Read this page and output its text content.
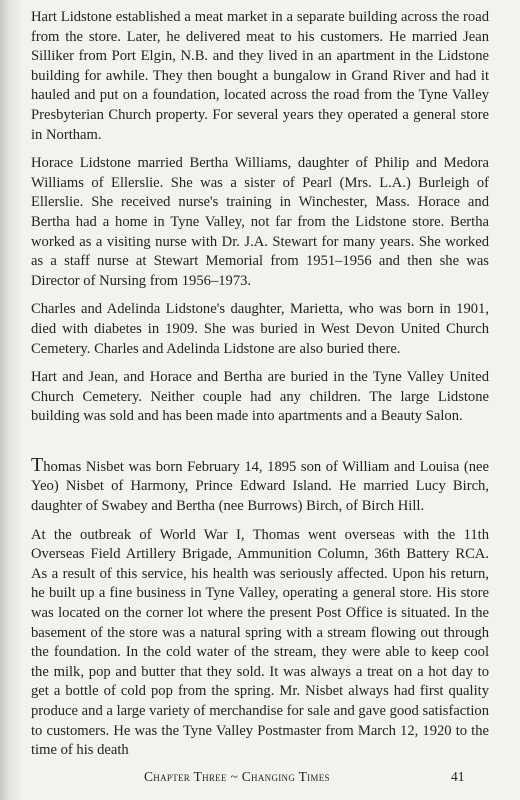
Hart Lidstone established a meat market in a separate building across the road from the store. Later, he delivered meat to his customers. He married Jean Silliker from Port Elgin, N.B. and they lived in an apartment in the Lidstone building for awhile. They then bought a bungalow in Grand River and had it hauled and put on a foundation, located across the road from the Tyne Valley Presbyterian Church property. For several years they operated a general store in Northam.

Horace Lidstone married Bertha Williams, daughter of Philip and Medora Williams of Ellerslie. She was a sister of Pearl (Mrs. L.A.) Burleigh of Ellerslie. She received nurse's training in Winchester, Mass. Horace and Bertha had a home in Tyne Valley, not far from the Lidstone store. Bertha worked as a visiting nurse with Dr. J.A. Stewart for many years. She worked as a staff nurse at Stewart Memorial from 1951–1956 and then she was Director of Nursing from 1956–1973.

Charles and Adelinda Lidstone's daughter, Marietta, who was born in 1901, died with diabetes in 1909. She was buried in West Devon United Church Cemetery. Charles and Adelinda Lidstone are also buried there.

Hart and Jean, and Horace and Bertha are buried in the Tyne Valley United Church Cemetery. Neither couple had any children. The large Lidstone building was sold and has been made into apartments and a Beauty Salon.

Thomas Nisbet was born February 14, 1895 son of William and Louisa (nee Yeo) Nisbet of Harmony, Prince Edward Island. He married Lucy Birch, daughter of Swabey and Bertha (nee Burrows) Birch, of Birch Hill.

At the outbreak of World War I, Thomas went overseas with the 11th Overseas Field Artillery Brigade, Ammunition Column, 36th Battery RCA. As a result of this service, his health was seriously affected. Upon his return, he built up a fine business in Tyne Valley, operating a general store. His store was located on the corner lot where the present Post Office is situated. In the basement of the store was a natural spring with a stream flowing out through the foundation. In the cold water of the stream, they were able to keep cool the milk, pop and butter that they sold. It was always a treat on a hot day to get a bottle of cold pop from the spring. Mr. Nisbet always had first quality produce and a large variety of merchandise for sale and gave good satisfaction to customers. He was the Tyne Valley Postmaster from March 12, 1920 to the time of his death

Chapter Three ~ Changing Times	41
